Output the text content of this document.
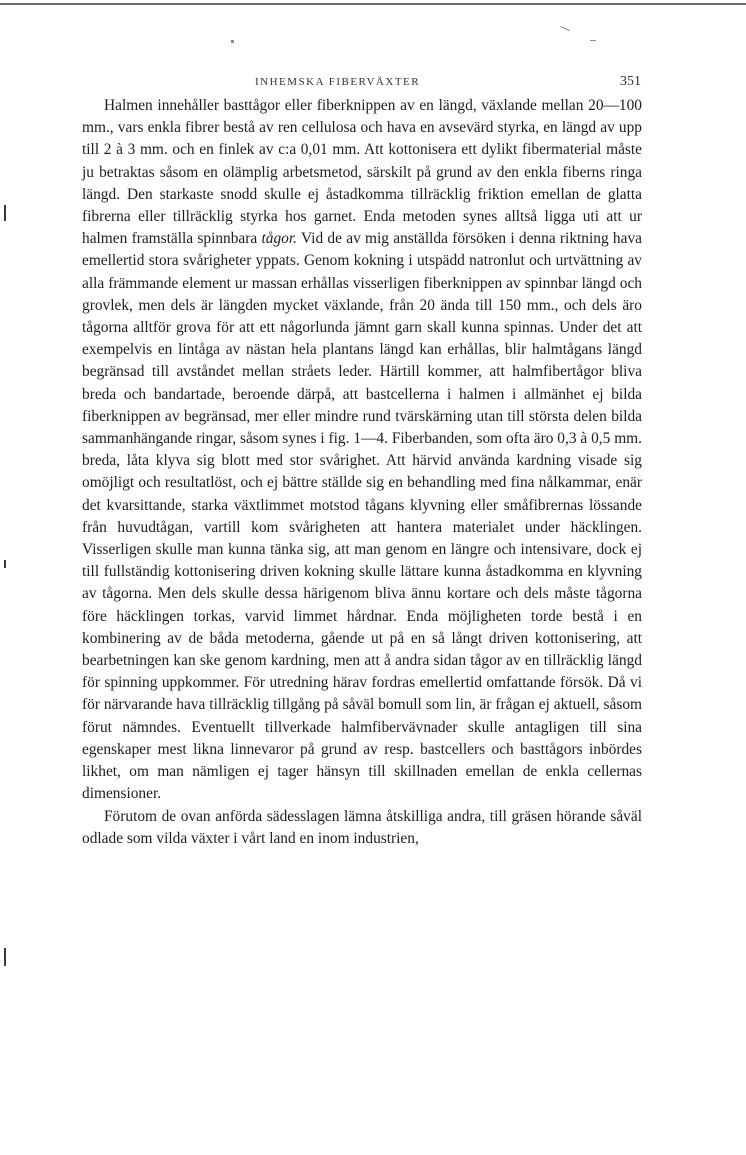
INHEMSKA FIBERVÄXTER	351

Halmen innehåller basttågor eller fiberknippen av en längd, växlande mellan 20—100 mm., vars enkla fibrer bestå av ren cellulosa och hava en avsevärd styrka, en längd av upp till 2 à 3 mm. och en finlek av c:a 0,01 mm. Att kottonisera ett dylikt fibermaterial måste ju betraktas såsom en olämplig arbetsmetod, särskilt på grund av den enkla fiberns ringa längd. Den starkaste snodd skulle ej åstadkomma tillräcklig friktion emellan de glatta fibrerna eller tillräcklig styrka hos garnet. Enda metoden synes alltså ligga uti att ur halmen framställa spinnbara tågor. Vid de av mig anställda försöken i denna riktning hava emellertid stora svårigheter yppats. Genom kokning i utspädd natronlut och urtvättning av alla främmande element ur massan erhållas visserligen fiberknippen av spinnbar längd och grovlek, men dels är längden mycket växlande, från 20 ända till 150 mm., och dels äro tågorna alltför grova för att ett någorlunda jämnt garn skall kunna spinnas. Under det att exempelvis en lintåga av nästan hela plantans längd kan erhållas, blir halmtågans längd begränsad till avståndet mellan stråets leder. Härtill kommer, att halmfibertågor bliva breda och bandartade, beroende därpå, att bastcellerna i halmen i allmänhet ej bilda fiberknippen av begränsad, mer eller mindre rund tvärskärning utan till största delen bilda sammanhängande ringar, såsom synes i fig. 1—4. Fiberbanden, som ofta äro 0,3 à 0,5 mm. breda, låta klyva sig blott med stor svårighet. Att härvid använda kardning visade sig omöjligt och resultatlöst, och ej bättre ställde sig en behandling med fina nålkammar, enär det kvarsittande, starka växtlimmet motstod tågans klyvning eller småfibrernas lössande från huvudtågan, vartill kom svårigheten att hantera materialet under häcklingen. Visserligen skulle man kunna tänka sig, att man genom en längre och intensivare, dock ej till fullständig kottonisering driven kokning skulle lättare kunna åstadkomma en klyvning av tågorna. Men dels skulle dessa härigenom bliva ännu kortare och dels måste tågorna före häcklingen torkas, varvid limmet hårdnar. Enda möjligheten torde bestå i en kombinering av de båda metoderna, gående ut på en så långt driven kottonisering, att bearbetningen kan ske genom kardning, men att å andra sidan tågor av en tillräcklig längd för spinning uppkommer. För utredning härav fordras emellertid omfattande försök. Då vi för närvarande hava tillräcklig tillgång på såväl bomull som lin, är frågan ej aktuell, såsom förut nämndes. Eventuellt tillverkade halmfibervävnader skulle antagligen till sina egenskaper mest likna linnevaror på grund av resp. bastcellers och basttågors inbördes likhet, om man nämligen ej tager hänsyn till skillnaden emellan de enkla cellernas dimensioner.

Förutom de ovan anförda sädesslagen lämna åtskilliga andra, till gräsen hörande såväl odlade som vilda växter i vårt land en inom industrien,
